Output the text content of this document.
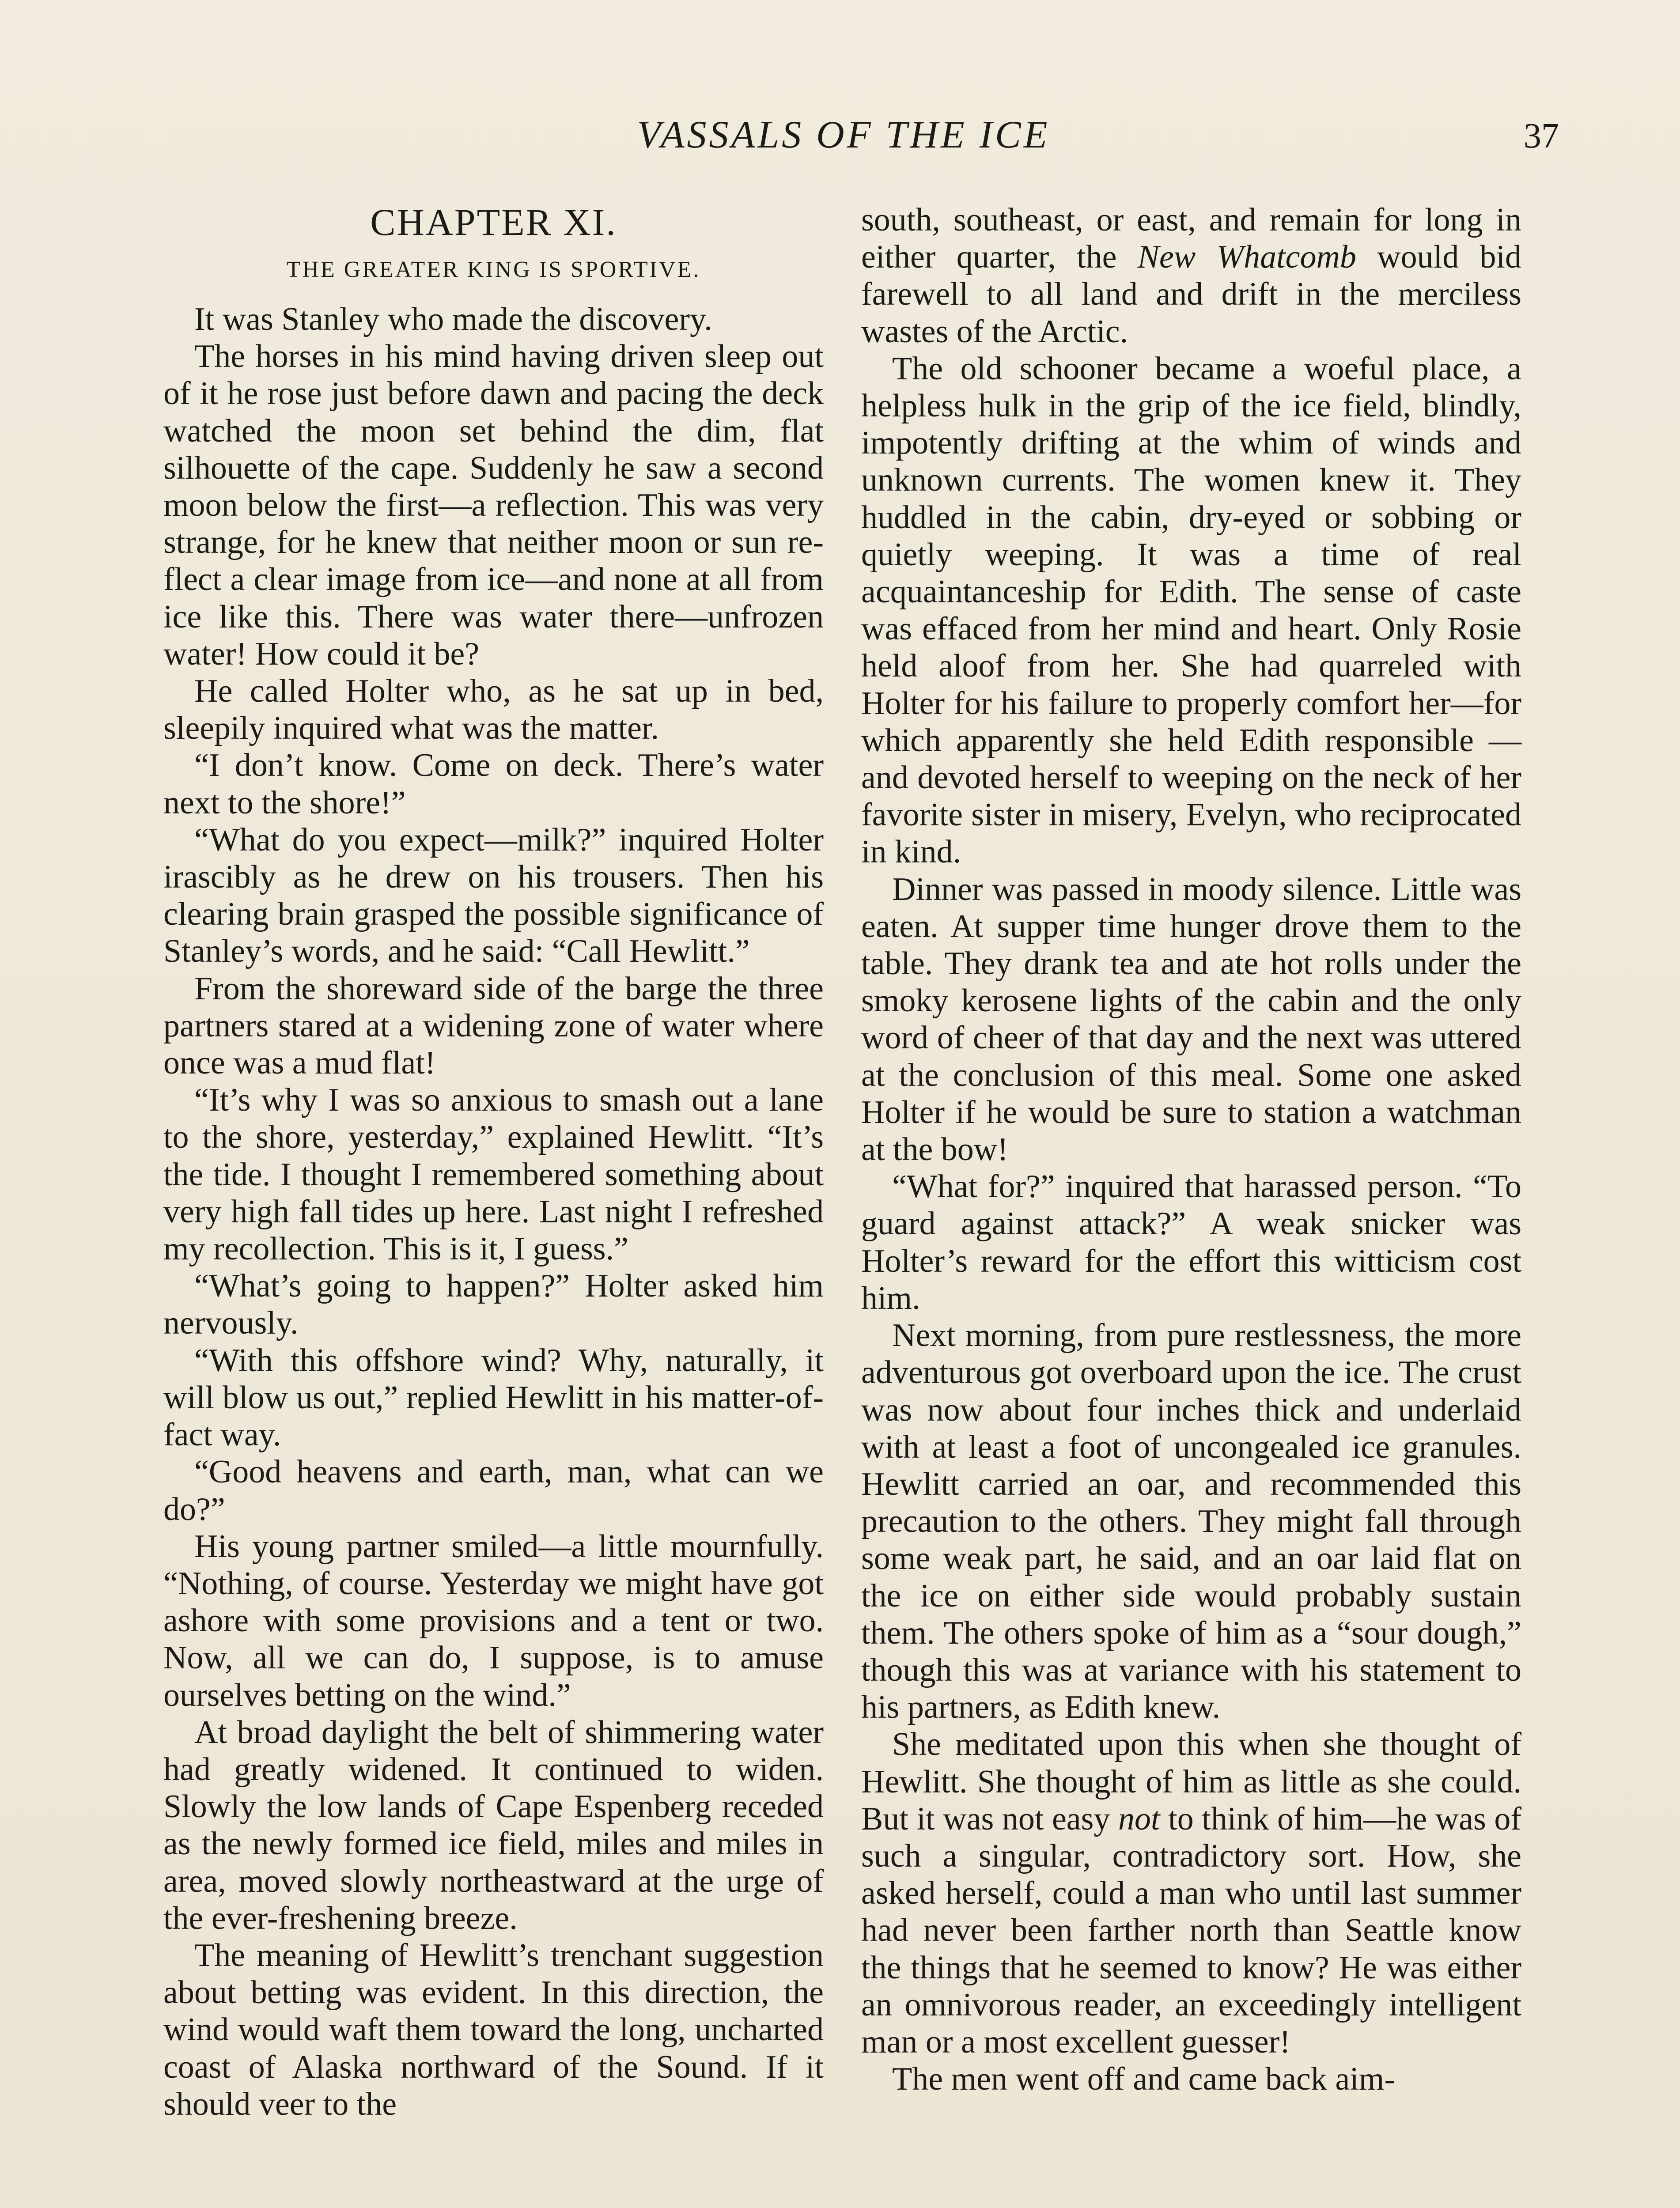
VASSALS OF THE ICE	37
CHAPTER XI.
THE GREATER KING IS SPORTIVE.

It was Stanley who made the discovery.

The horses in his mind having driven sleep out of it he rose just before dawn and pacing the deck watched the moon set behind the dim, flat silhouette of the cape. Suddenly he saw a second moon below the first—a reflection. This was very strange, for he knew that neither moon or sun reflect a clear image from ice—and none at all from ice like this. There was water there—unfrozen water! How could it be?

He called Holter who, as he sat up in bed, sleepily inquired what was the matter.

“I don’t know. Come on deck. There’s water next to the shore!”

“What do you expect—milk?” inquired Holter irascibly as he drew on his trousers. Then his clearing brain grasped the possible significance of Stanley’s words, and he said: “Call Hewlitt.”

From the shoreward side of the barge the three partners stared at a widening zone of water where once was a mud flat!

“It’s why I was so anxious to smash out a lane to the shore, yesterday,” explained Hewlitt. “It’s the tide. I thought I remembered something about very high fall tides up here. Last night I refreshed my recollection. This is it, I guess.”

“What’s going to happen?” Holter asked him nervously.

“With this offshore wind? Why, naturally, it will blow us out,” replied Hewlitt in his matter-of-fact way.

“Good heavens and earth, man, what can we do?”

His young partner smiled—a little mournfully. “Nothing, of course. Yesterday we might have got ashore with some provisions and a tent or two. Now, all we can do, I suppose, is to amuse ourselves betting on the wind.”

At broad daylight the belt of shimmering water had greatly widened. It continued to widen. Slowly the low lands of Cape Espenberg receded as the newly formed ice field, miles and miles in area, moved slowly northeastward at the urge of the ever-freshening breeze.

The meaning of Hewlitt’s trenchant suggestion about betting was evident. In this direction, the wind would waft them toward the long, uncharted coast of Alaska northward of the Sound. If it should veer to the

south, southeast, or east, and remain for long in either quarter, the New Whatcomb would bid farewell to all land and drift in the merciless wastes of the Arctic.

The old schooner became a woeful place, a helpless hulk in the grip of the ice field, blindly, impotently drifting at the whim of winds and unknown currents. The women knew it. They huddled in the cabin, dry-eyed or sobbing or quietly weeping. It was a time of real acquaintanceship for Edith. The sense of caste was effaced from her mind and heart. Only Rosie held aloof from her. She had quarreled with Holter for his failure to properly comfort her—for which apparently she held Edith responsible —and devoted herself to weeping on the neck of her favorite sister in misery, Evelyn, who reciprocated in kind.

Dinner was passed in moody silence. Little was eaten. At supper time hunger drove them to the table. They drank tea and ate hot rolls under the smoky kerosene lights of the cabin and the only word of cheer of that day and the next was uttered at the conclusion of this meal. Some one asked Holter if he would be sure to station a watchman at the bow!

“What for?” inquired that harassed person. “To guard against attack?” A weak snicker was Holter’s reward for the effort this witticism cost him.

Next morning, from pure restlessness, the more adventurous got overboard upon the ice. The crust was now about four inches thick and underlaid with at least a foot of uncongealed ice granules. Hewlitt carried an oar, and recommended this precaution to the others. They might fall through some weak part, he said, and an oar laid flat on the ice on either side would probably sustain them. The others spoke of him as a “sour dough,” though this was at variance with his statement to his partners, as Edith knew.

She meditated upon this when she thought of Hewlitt. She thought of him as little as she could. But it was not easy not to think of him—he was of such a singular, contradictory sort. How, she asked herself, could a man who until last summer had never been farther north than Seattle know the things that he seemed to know? He was either an omnivorous reader, an exceedingly intelligent man or a most excellent guesser!

The men went off and came back aim-
